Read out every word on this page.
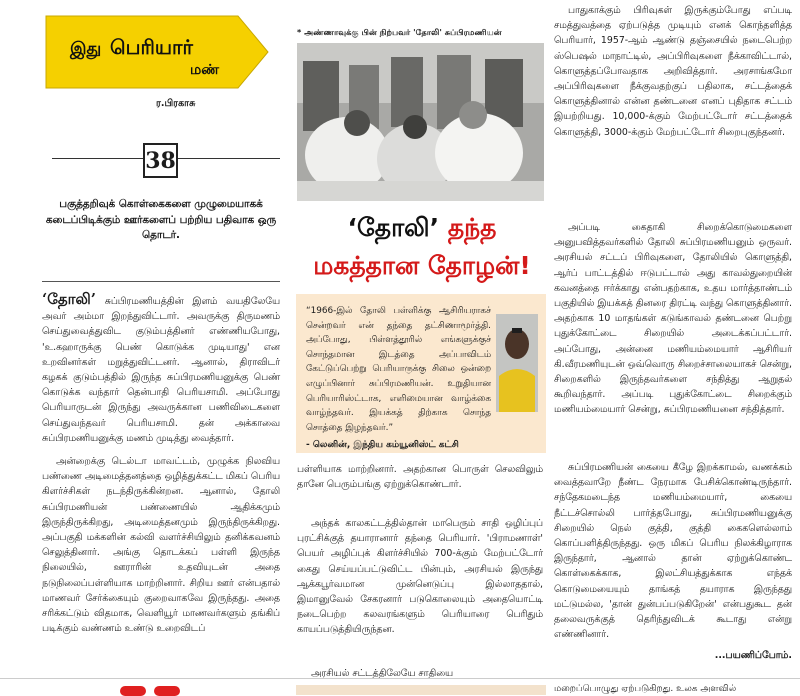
இது பெரியார்
மண்
ர.பிரகாசு
38
பகுத்தறிவுக் கொள்கைகளை முழுமையாகக் கடைப்பிடிக்கும் ஊர்களைப் பற்றிய பதிவாக ஒரு தொடர்.

‘தோலி’ சுப்பிரமணியத்தின் இளம் வயதிலேயே அவர் அம்மா இறந்துவிட்டார். அவருக்கு திருமணம் செய்துவைத்துவிட குடும்பத்தினர் எண்ணியபோது, 'உ.கஹாருக்கு பெண் கொடுக்க முடியாது' என உறவினர்கள் மறுத்துவிட்டனர். ஆனால், திராவிடர் கழகக் குடும்பத்தில் இருந்த சுப்பிரமணியனுக்கு பெண் கொடுக்க வந்தார் தென்பாதி பெரியசாமி. அப்போது பெரியாருடன் இருந்து அவருக்கான பணிவிடைகளை செய்துவந்தவர் பெரியசாமி. தன் அக்காவை சுப்பிரமணியனுக்கு மணம் முடித்து வைத்தார்.

அன்றைக்கு டெல்டா மாவட்டம், முழுக்க நிலவிய பண்ணை அடிமைத்தனத்தை ஒழித்துக்கட்ட மிகப் பெரிய கிளர்ச்சிகள் நடந்திருக்கின்றன. ஆனால், தோலி சுப்பிரமணியன் பண்ணையில் ஆதிக்கமும் இருந்திருக்கிறது, அடிமைத்தனமும் இருந்திருக்கிறது. அப்பகுதி மக்களின் கல்வி வளர்ச்சியிலும் தனிக்கவனம் செலுத்தினார். அங்கு தொடக்கப் பள்ளி இருந்த நிலையில், ஊராரின் உதவியுடன் அதை நடுநிலைப்பள்ளியாக மாற்றினார். சிறிய ஊர் என்பதால் மாணவர் சேர்க்கையும் குறைவாகவே இருந்தது. அதை சரிக்கட்டும் விதமாக, வெளியூர் மாணவர்களும் தங்கிப் படிக்கும் வண்ணம் உண்டு உறைவிடப்

* அண்ணாவுக்கு பின் நிற்பவர் 'தோலி' சுப்பிரமணியன்
‘தோலி’ தந்த
மகத்தான தோழன்!
“1966-இல் தோலி பள்ளிக்கு ஆசிரியராகச் சென்றவர் என் தந்தை தட்சிணாமூர்த்தி. அப்போது, பிள்ளத்தூரில் எங்களுக்குச் சொந்தமான இடத்தை அப்பாவிடம் கேட்டுப்பெற்று பெரியாருக்கு சிலை ஒன்றை எழுப்பினார் சுப்பிரமணியன். உறுதியான பெரியாரிஸ்ட்டாக, எளிமையான வாழ்க்கை வாழ்ந்தவர். இயக்கத் திற்காக சொந்த சொத்தை இழந்தவர்.”
- லெனின், இந்திய கம்யூனிஸ்ட் கட்சி

பள்ளியாக மாற்றினார். அதற்கான பொருள் செலவிலும் தானே பெரும்பங்கு ஏற்றுக்கொண்டார்.

அந்தக் காலகட்டத்தில்தான் மாபெரும் சாதி ஒழிப்புப் புரட்சிக்குத் தயாரானார் தந்தை பெரியார். 'பிராமணாள்' பெயர் அழிப்புக் கிளர்ச்சியில் 700-க்கும் மேற்பட்டோர் கைது செய்யப்பட்டுவிட்ட பின்பும், அரசியல் இருந்து ஆக்கபூர்வமான முன்னெடுப்பு இல்லாததால், இமானுவேல் சேகரனார் படுகொலையும் அதையொட்டி நடைபெற்ற கலவரங்களும் பெரியாரை பெரிதும் காயப்படுத்தியிருந்தன.

அரசியல் சட்டத்திலேயே சாதியை

பாதுகாக்கும் பிரிவுகள் இருக்கும்போது எப்படி சமத்துவத்தை ஏற்படுத்த முடியும் எனக் கொந்தளித்த பெரியார், 1957-ஆம் ஆண்டு தஞ்சையில் நடைபெற்ற ஸ்பெஷல் மாநாட்டில், அப்பிரிவுகளை நீக்காவிட்டால், கொளுத்தப்போவதாக அறிவித்தார். அரசாங்கமோ அப்பிரிவுகளை நீக்குவதற்குப் பதிலாக, சட்டத்தைக் கொளுத்தினால் என்ன தண்டனை எனப் புதிதாக சட்டம் இயற்றியது. 10,000-க்கும் மேற்பட்டோர் சட்டத்தைக் கொளுத்தி, 3000-க்கும் மேற்பட்டோர் சிறைபுகுந்தனர்.

அப்படி கைதாகி சிறைக்கொடுமைகளை அனுபவித்தவர்களில் தோலி சுப்பிரமணியனும் ஒருவர். அரசியல் சட்டப் பிரிவுகளை, தோலியில் கொளுத்தி, ஆர்ப் பாட்டத்தில் ஈடுபட்டால் அது காவல்துறையின் கவனத்தை ஈர்க்காது என்பதற்காக, உதய மார்த்தாண்டம் பகுதியில் இயக்கத் தினரை திரட்டி வந்து கொளுத்தினார். அதற்காக 10 மாதங்கள் கடுங்காவல் தண்டனை பெற்று புதுக்கோட்டை சிறையில் அடைக்கப்பட்டார். அப்போது, அன்னை மணியம்மையார் ஆசிரியர் கி.வீரமணியுடன் ஒவ்வொரு சிறைச்சாலையாகச் சென்று, சிறைகளில் இருந்தவர்களை சந்தித்து ஆறுதல் கூறிவந்தார். அப்படி புதுக்கோட்டை சிறைக்கும் மணியம்மையார் சென்று, சுப்பிரமணியனை சந்தித்தார்.

சுப்பிரமணியன் கையை கீழே இறக்காமல், வணக்கம் வைத்தவாறே நீண்ட நேரமாக பேசிக்கொண்டிருந்தார். சந்தேகமடைந்த மணியம்மையார், கையை நீட்டச்சொல்லி பார்த்தபோது, சுப்பிரமணியனுக்கு சிறையில் நெல் குத்தி, குத்தி கைகளெல்லாம் கொப்பளித்திருந்தது. ஒரு மிகப் பெரிய நிலக்கிழாராக இருந்தார், ஆனால் தான் ஏற்றுக்கொண்ட கொள்கைக்காக, இலட்சியத்துக்காக எந்தக் கொடுமையையும் தாங்கத் தயாராக இருந்தது மட்டுமல்ல, 'தான் துன்பப்படுகிறேன்' என்பதுகூட தன் தலைவருக்குத் தெரிந்துவிடக் கூடாது என்று எண்ணினார்.

...பயணிப்போம்.
மறைப்பொழுது ஏற்படுகிறது. உலக அளவில்
